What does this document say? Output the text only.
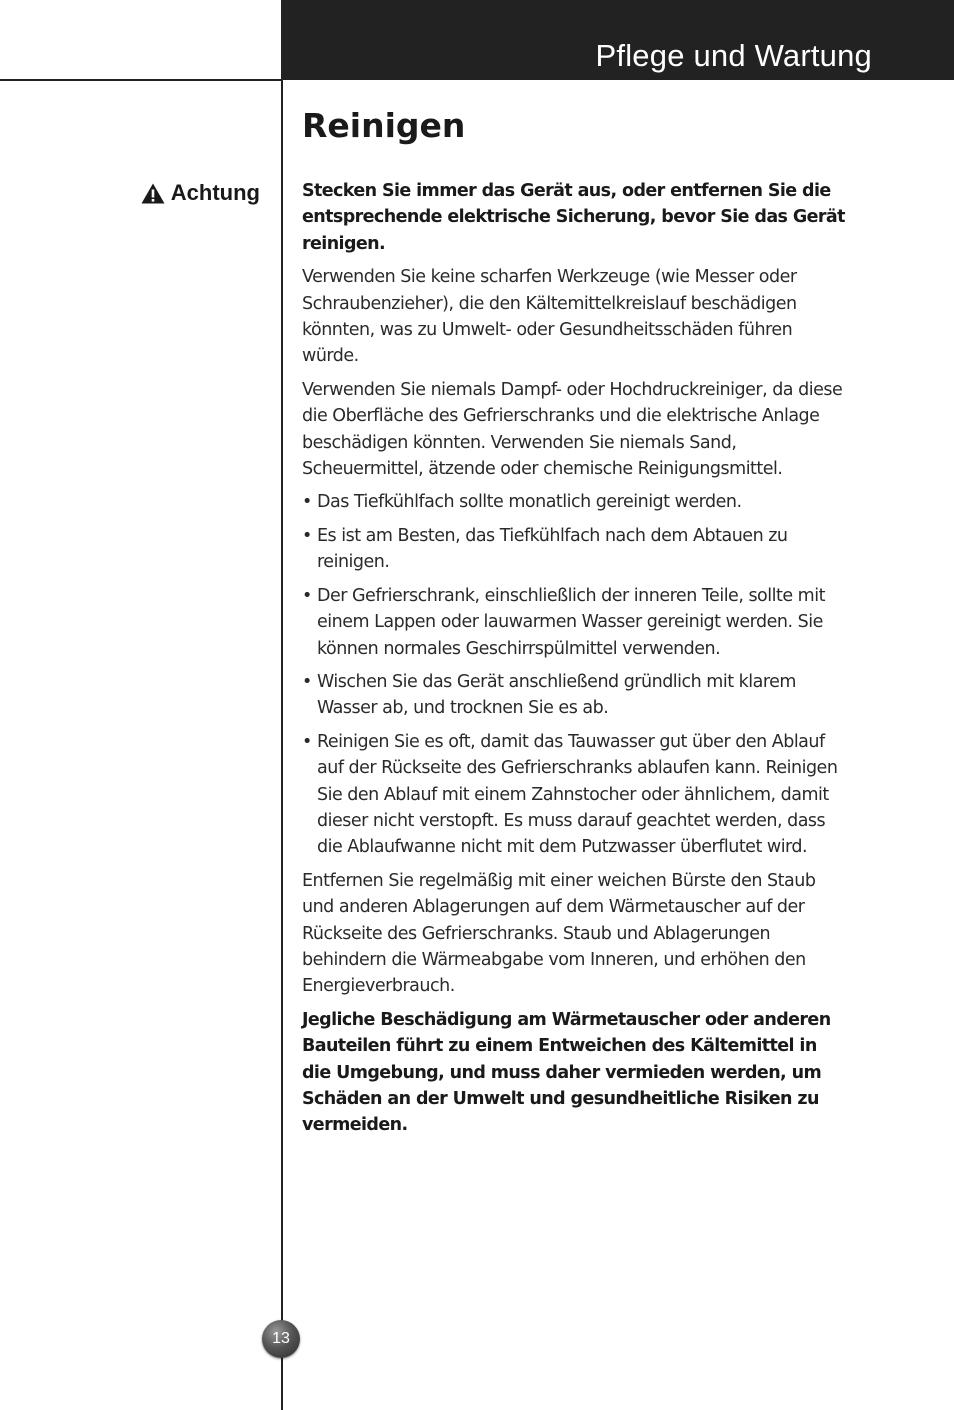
Pflege und Wartung
Reinigen
Achtung Stecken Sie immer das Gerät aus, oder entfernen Sie die entsprechende elektrische Sicherung, bevor Sie das Gerät reinigen.

Verwenden Sie keine scharfen Werkzeuge (wie Messer oder Schraubenzieher), die den Kältemittelkreislauf beschädigen könnten, was zu Umwelt- oder Gesundheitsschäden führen würde.

Verwenden Sie niemals Dampf- oder Hochdruckreiniger, da diese die Oberfläche des Gefrierschranks und die elektrische Anlage beschädigen könnten. Verwenden Sie niemals Sand, Scheuermittel, ätzende oder chemische Reinigungsmittel.

• Das Tiefkühlfach sollte monatlich gereinigt werden.
• Es ist am Besten, das Tiefkühlfach nach dem Abtauen zu reinigen.
• Der Gefrierschrank, einschließlich der inneren Teile, sollte mit einem Lappen oder lauwarmen Wasser gereinigt werden. Sie können normales Geschirrspülmittel verwenden.
• Wischen Sie das Gerät anschließend gründlich mit klarem Wasser ab, und trocknen Sie es ab.
• Reinigen Sie es oft, damit das Tauwasser gut über den Ablauf auf der Rückseite des Gefrierschranks ablaufen kann. Reinigen Sie den Ablauf mit einem Zahnstocher oder ähnlichem, damit dieser nicht verstopft. Es muss darauf geachtet werden, dass die Ablaufwanne nicht mit dem Putzwasser überflutet wird.

Entfernen Sie regelmäßig mit einer weichen Bürste den Staub und anderen Ablagerungen auf dem Wärmetauscher auf der Rückseite des Gefrierschranks. Staub und Ablagerungen behindern die Wärmeabgabe vom Inneren, und erhöhen den Energieverbrauch.

Jegliche Beschädigung am Wärmetauscher oder anderen Bauteilen führt zu einem Entweichen des Kältemittel in die Umgebung, und muss daher vermieden werden, um Schäden an der Umwelt und gesundheitliche Risiken zu vermeiden.

13
